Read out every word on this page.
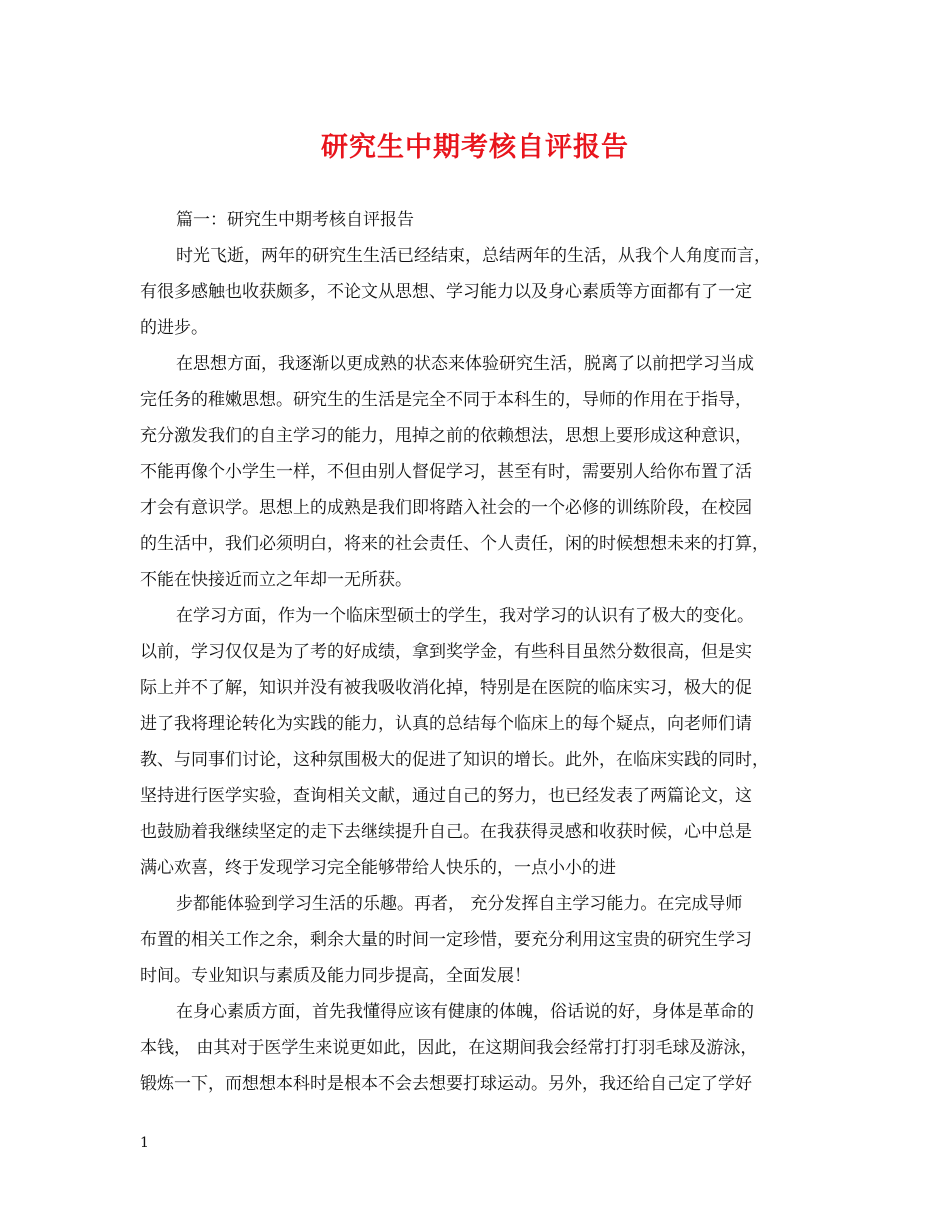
研究生中期考核自评报告
篇一：研究生中期考核自评报告
时光飞逝，两年的研究生生活已经结束，总结两年的生活，从我个人角度而言，
有很多感触也收获颇多，不论文从思想、学习能力以及身心素质等方面都有了一定
的进步。
在思想方面，我逐渐以更成熟的状态来体验研究生活，脱离了以前把学习当成
完任务的稚嫩思想。研究生的生活是完全不同于本科生的，导师的作用在于指导，
充分激发我们的自主学习的能力，甩掉之前的依赖想法，思想上要形成这种意识，
不能再像个小学生一样，不但由别人督促学习，甚至有时，需要别人给你布置了活
才会有意识学。思想上的成熟是我们即将踏入社会的一个必修的训练阶段，在校园
的生活中，我们必须明白，将来的社会责任、个人责任，闲的时候想想未来的打算，
不能在快接近而立之年却一无所获。
在学习方面，作为一个临床型硕士的学生，我对学习的认识有了极大的变化。
以前，学习仅仅是为了考的好成绩，拿到奖学金，有些科目虽然分数很高，但是实
际上并不了解，知识并没有被我吸收消化掉，特别是在医院的临床实习，极大的促
进了我将理论转化为实践的能力，认真的总结每个临床上的每个疑点，向老师们请
教、与同事们讨论，这种氛围极大的促进了知识的增长。此外，在临床实践的同时，
坚持进行医学实验，查询相关文献，通过自己的努力，也已经发表了两篇论文，这
也鼓励着我继续坚定的走下去继续提升自己。在我获得灵感和收获时候，心中总是
满心欢喜，终于发现学习完全能够带给人快乐的，一点小小的进
步都能体验到学习生活的乐趣。再者， 充分发挥自主学习能力。在完成导师
布置的相关工作之余，剩余大量的时间一定珍惜，要充分利用这宝贵的研究生学习
时间。专业知识与素质及能力同步提高，全面发展！
在身心素质方面，首先我懂得应该有健康的体魄，俗话说的好，身体是革命的
本钱， 由其对于医学生来说更如此，因此，在这期间我会经常打打羽毛球及游泳，
锻炼一下，而想想本科时是根本不会去想要打球运动。另外，我还给自己定了学好
1
